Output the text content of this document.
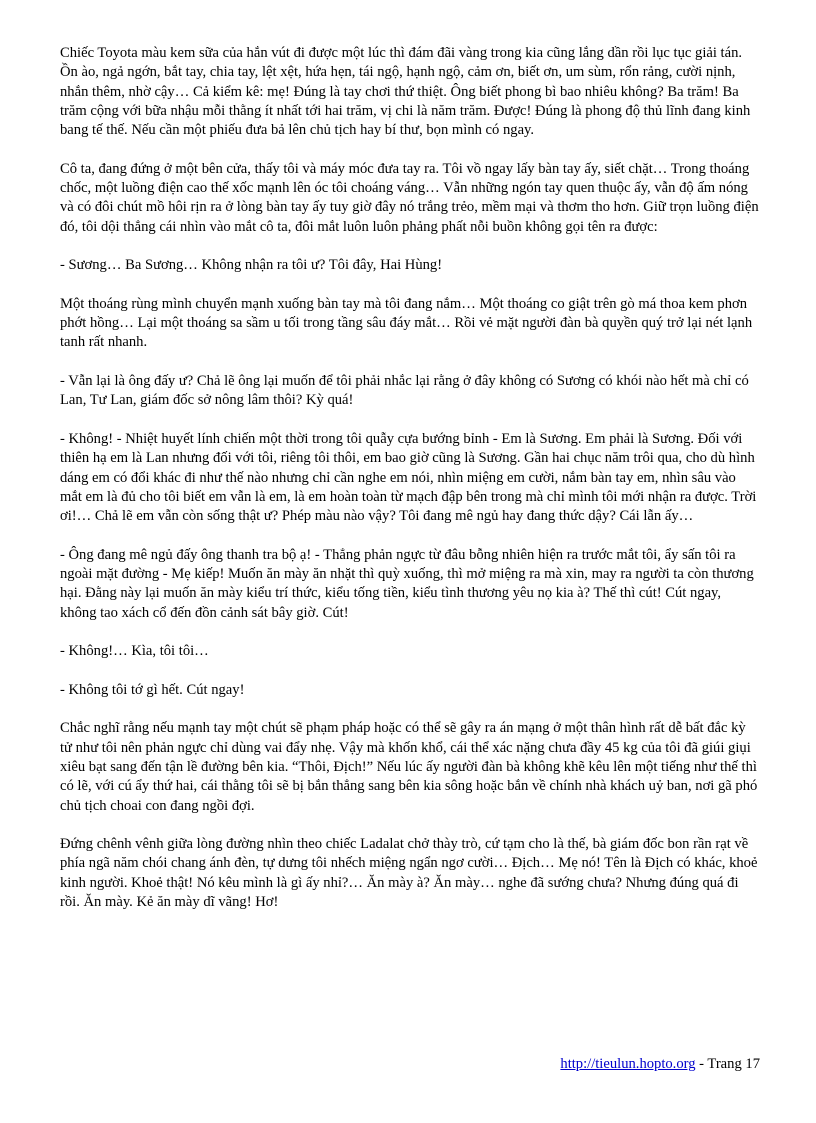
Chiếc Toyota màu kem sữa của hắn vút đi được một lúc thì đám đãi vàng trong kia cũng lắng dần rồi lục tục giải tán. Ồn ào, ngả ngớn, bắt tay, chia tay, lệt xệt, hứa hẹn, tái ngộ, hạnh ngộ, cảm ơn, biết ơn, um sùm, rổn rảng, cười nịnh, nhắn thêm, nhờ cậy… Cả kiểm kê: mẹ! Đúng là tay chơi thứ thiệt. Ông biết phong bì bao nhiêu không? Ba trăm! Ba trăm cộng với bữa nhậu mỗi thằng ít nhất tới hai trăm, vị chi là năm trăm. Được! Đúng là phong độ thủ lĩnh đang kinh bang tế thế. Nếu cần một phiếu đưa bả lên chủ tịch hay bí thư, bọn mình có ngay.

Cô ta, đang đứng ở một bên cửa, thấy tôi và máy móc đưa tay ra. Tôi vồ ngay lấy bàn tay ấy, siết chặt… Trong thoáng chốc, một luồng điện cao thế xốc mạnh lên óc tôi choáng váng… Vẫn những ngón tay quen thuộc ấy, vẫn độ ấm nóng và có đôi chút mồ hôi rịn ra ở lòng bàn tay ấy tuy giờ đây nó trắng trẻo, mềm mại và thơm tho hơn. Giữ trọn luồng điện đó, tôi dội thẳng cái nhìn vào mắt cô ta, đôi mắt luôn luôn phảng phất nỗi buồn không gọi tên ra được:

- Sương… Ba Sương… Không nhận ra tôi ư? Tôi đây, Hai Hùng!

Một thoáng rùng mình chuyển mạnh xuống bàn tay mà tôi đang nắm… Một thoáng co giật trên gò má thoa kem phơn phớt hồng… Lại một thoáng sa sầm u tối trong tầng sâu đáy mắt… Rồi vẻ mặt người đàn bà quyền quý trở lại nét lạnh tanh rất nhanh.

- Vẫn lại là ông đấy ư? Chả lẽ ông lại muốn để tôi phải nhắc lại rằng ở đây không có Sương có khói nào hết mà chỉ có Lan, Tư Lan, giám đốc sở nông lâm thôi? Kỳ quá!

- Không! - Nhiệt huyết lính chiến một thời trong tôi quẫy cựa bướng bỉnh - Em là Sương. Em phải là Sương. Đối với thiên hạ em là Lan nhưng đối với tôi, riêng tôi thôi, em bao giờ cũng là Sương. Gần hai chục năm trôi qua, cho dù hình dáng em có đổi khác đi như thế nào nhưng chỉ cần nghe em nói, nhìn miệng em cười, nắm bàn tay em, nhìn sâu vào mắt em là đủ cho tôi biết em vẫn là em, là em hoàn toàn từ mạch đập bên trong mà chỉ mình tôi mới nhận ra được. Trời ơi!… Chả lẽ em vẫn còn sống thật ư? Phép màu nào vậy? Tôi đang mê ngủ hay đang thức dậy? Cái lẫn ấy…

- Ông đang mê ngủ đấy ông thanh tra bộ ạ! - Thẳng phản ngực từ đâu bỗng nhiên hiện ra trước mắt tôi, ẩy sấn tôi ra ngoài mặt đường - Mẹ kiếp! Muốn ăn mày ăn nhặt thì quỳ xuống, thì mở miệng ra mà xin, may ra người ta còn thương hại. Đằng này lại muốn ăn mày kiểu trí thức, kiểu tống tiền, kiểu tình thương yêu nọ kia à? Thế thì cút! Cút ngay, không tao xách cổ đến đồn cảnh sát bây giờ. Cút!

- Không!… Kìa, tôi tôi…

- Không tôi tớ gì hết. Cút ngay!

Chắc nghĩ rằng nếu mạnh tay một chút sẽ phạm pháp hoặc có thể sẽ gây ra án mạng ở một thân hình rất dễ bất đắc kỳ tử như tôi nên phản ngực chỉ dùng vai đẩy nhẹ. Vậy mà khốn khổ, cái thể xác nặng chưa đầy 45 kg của tôi đã giúi giụi xiêu bạt sang đến tận lề đường bên kia. “Thôi, Địch!” Nếu lúc ấy người đàn bà không khẽ kêu lên một tiếng như thế thì có lẽ, với cú ẩy thứ hai, cái thằng tôi sẽ bị bắn thẳng sang bên kia sông hoặc bắn về chính nhà khách uỷ ban, nơi gã phó chủ tịch choai con đang ngồi đợi.

Đứng chênh vênh giữa lòng đường nhìn theo chiếc Ladalat chở thày trò, cứ tạm cho là thế, bà giám đốc bon rần rạt về phía ngã năm chói chang ánh đèn, tự dưng tôi nhếch miệng ngẩn ngơ cười… Địch… Mẹ nó! Tên là Địch có khác, khoẻ kinh người. Khoẻ thật! Nó kêu mình là gì ấy nhỉ?… Ăn mày à? Ăn mày… nghe đã sướng chưa? Nhưng đúng quá đi rồi. Ăn mày. Kẻ ăn mày dĩ vãng! Hơ!

http://tieulun.hopto.org - Trang 17
